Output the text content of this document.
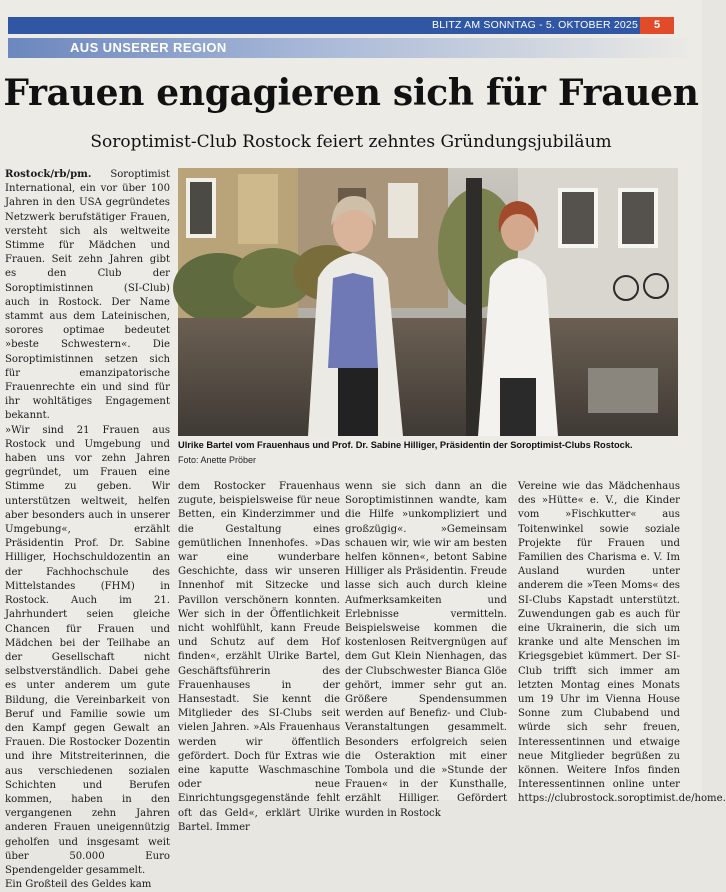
BLITZ AM SONNTAG - 5. OKTOBER 2025	5
AUS UNSERER REGION
Frauen engagieren sich für Frauen
Soroptimist-Club Rostock feiert zehntes Gründungsjubiläum

Rostock/rb/pm. Soroptimist International, ein vor über 100 Jahren in den USA gegründetes Netzwerk berufstätiger Frauen, versteht sich als weltweite Stimme für Mädchen und Frauen. Seit zehn Jahren gibt es den Club der Soroptimistinnen (SI-Club) auch in Rostock. Der Name stammt aus dem Lateinischen, sorores optimae bedeutet »beste Schwestern«. Die Soroptimistinnen setzen sich für emanzipatorische Frauenrechte ein und sind für ihr wohltätiges Engagement bekannt.

»Wir sind 21 Frauen aus Rostock und Umgebung und haben uns vor zehn Jahren gegründet, um Frauen eine Stimme zu geben. Wir unterstützen weltweit, helfen aber besonders auch in unserer Umgebung«, erzählt Präsidentin Prof. Dr. Sabine Hilliger, Hochschuldozentin an der Fachhochschule des Mittelstandes (FHM) in Rostock. Auch im 21. Jahrhundert seien gleiche Chancen für Frauen und Mädchen bei der Teilhabe an der Gesellschaft nicht selbstverständlich. Dabei gehe es unter anderem um gute Bildung, die Vereinbarkeit von Beruf und Familie sowie um den Kampf gegen Gewalt an Frauen. Die Rostocker Dozentin und ihre Mitstreiterinnen, die aus verschiedenen sozialen Schichten und Berufen kommen, haben in den vergangenen zehn Jahren anderen Frauen uneigennützig geholfen und insgesamt weit über 50.000 Euro Spendengelder gesammelt.

Ein Großteil des Geldes kam

Ulrike Bartel vom Frauenhaus und Prof. Dr. Sabine Hilliger, Präsidentin der Soroptimist-Clubs Rostock.
Foto: Anette Pröber

dem Rostocker Frauenhaus zugute, beispielsweise für neue Betten, ein Kinderzimmer und die Gestaltung eines gemütlichen Innenhofes. »Das war eine wunderbare Geschichte, dass wir unseren Innenhof mit Sitzecke und Pavillon verschönern konnten. Wer sich in der Öffentlichkeit nicht wohlfühlt, kann Freude und Schutz auf dem Hof finden«, erzählt Ulrike Bartel, Geschäftsführerin des Frauenhauses in der Hansestadt. Sie kennt die Mitglieder des SI-Clubs seit vielen Jahren. »Als Frauenhaus werden wir öffentlich gefördert. Doch für Extras wie eine kaputte Waschmaschine oder neue Einrichtungsgegenstände fehlt oft das Geld«, erklärt Ulrike Bartel. Immer

wenn sie sich dann an die Soroptimistinnen wandte, kam die Hilfe »unkompliziert und großzügig«. »Gemeinsam schauen wir, wie wir am besten helfen können«, betont Sabine Hilliger als Präsidentin. Freude lasse sich auch durch kleine Aufmerksamkeiten und Erlebnisse vermitteln. Beispielsweise kommen die kostenlosen Reitvergnügen auf dem Gut Klein Nienhagen, das der Clubschwester Bianca Glöe gehört, immer sehr gut an. Größere Spendensummen werden auf Benefiz- und Club-Veranstaltungen gesammelt. Besonders erfolgreich seien die Osteraktion mit einer Tombola und die »Stunde der Frauen« in der Kunsthalle, erzählt Hilliger. Gefördert wurden in Rostock

Vereine wie das Mädchenhaus des »Hütte« e. V., die Kinder vom »Fischkutter« aus Toitenwinkel sowie soziale Projekte für Frauen und Familien des Charisma e. V. Im Ausland wurden unter anderem die »Teen Moms« des SI-Clubs Kapstadt unterstützt. Zuwendungen gab es auch für eine Ukrainerin, die sich um kranke und alte Menschen im Kriegsgebiet kümmert. Der SI-Club trifft sich immer am letzten Montag eines Monats um 19 Uhr im Vienna House Sonne zum Clubabend und würde sich sehr freuen, Interessentinnen und etwaige neue Mitglieder begrüßen zu können. Weitere Infos finden Interessentinnen online unter https://clubrostock.soroptimist.de/home.
